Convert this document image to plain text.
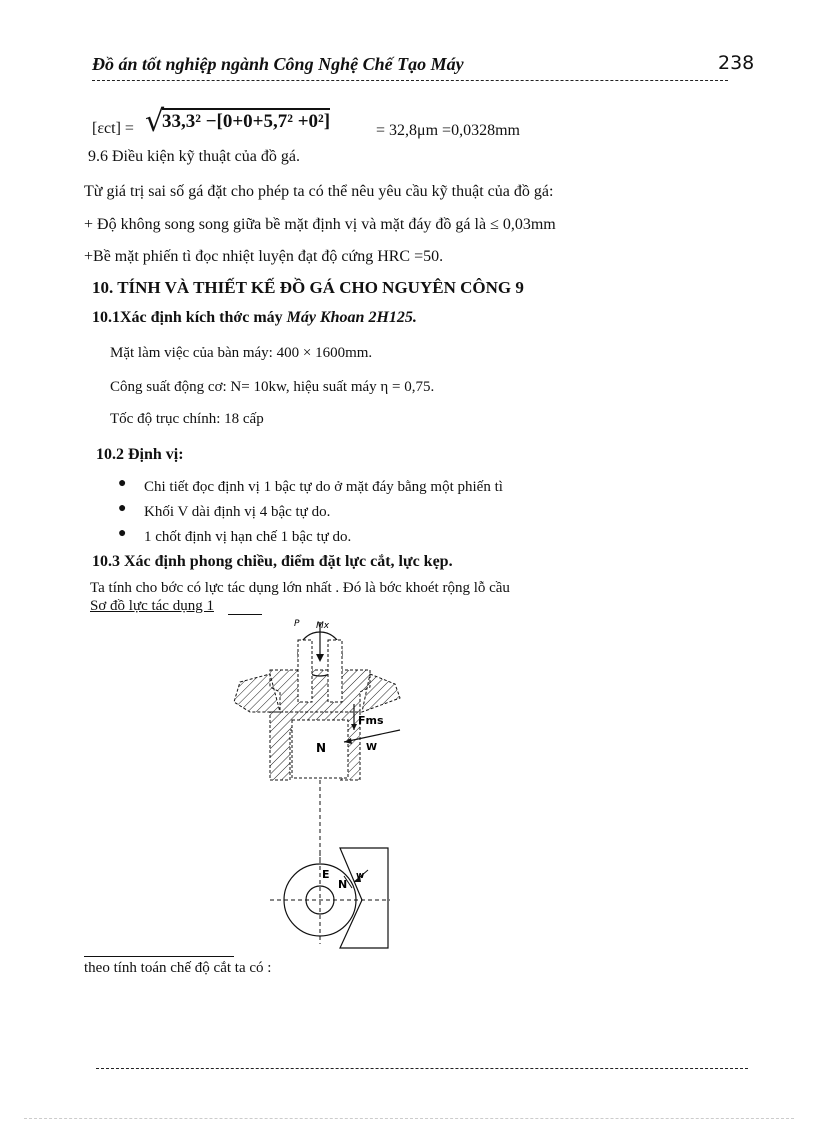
Đồ án tốt nghiệp ngành Công Nghệ Chế Tạo Máy	238
[εct] = √
33,3² −[0+0+5,7² +0²]	= 32,8μm =0,0328mm
9.6 Điều kiện kỹ thuật của đồ gá.
Từ giá trị sai số gá đặt cho phép ta có thể nêu yêu cầu kỹ thuật của đồ gá:
+ Độ không song song giữa bề mặt định vị và mặt đáy đồ gá là ≤ 0,03mm
+Bề mặt phiến tì đọc nhiệt luyện đạt độ cứng HRC =50.
10. TÍNH VÀ THIẾT KẾ ĐỒ GÁ CHO NGUYÊN CÔNG 9
10.1Xác định kích thớc máy Máy Khoan 2H125.
Mặt làm việc của bàn máy: 400 × 1600mm.
Công suất động cơ: N= 10kw, hiệu suất máy η = 0,75.
Tốc độ trục chính: 18 cấp
10.2 Định vị:
● Chi tiết đọc định vị 1 bậc tự do ở mặt đáy bằng một phiến tì
● Khối V dài định vị 4 bậc tự do.
● 1 chốt định vị hạn chế 1 bậc tự do.
10.3 Xác định phong chiều, điểm đặt lực cắt, lực kẹp.
Ta tính cho bớc có lực tác dụng lớn nhất . Đó là bớc khoét rộng lỗ cầu
Sơ đồ lực tác dụng 1
P Mx
Fms
N	W
E
N
w
theo tính toán chế độ cắt ta có :
